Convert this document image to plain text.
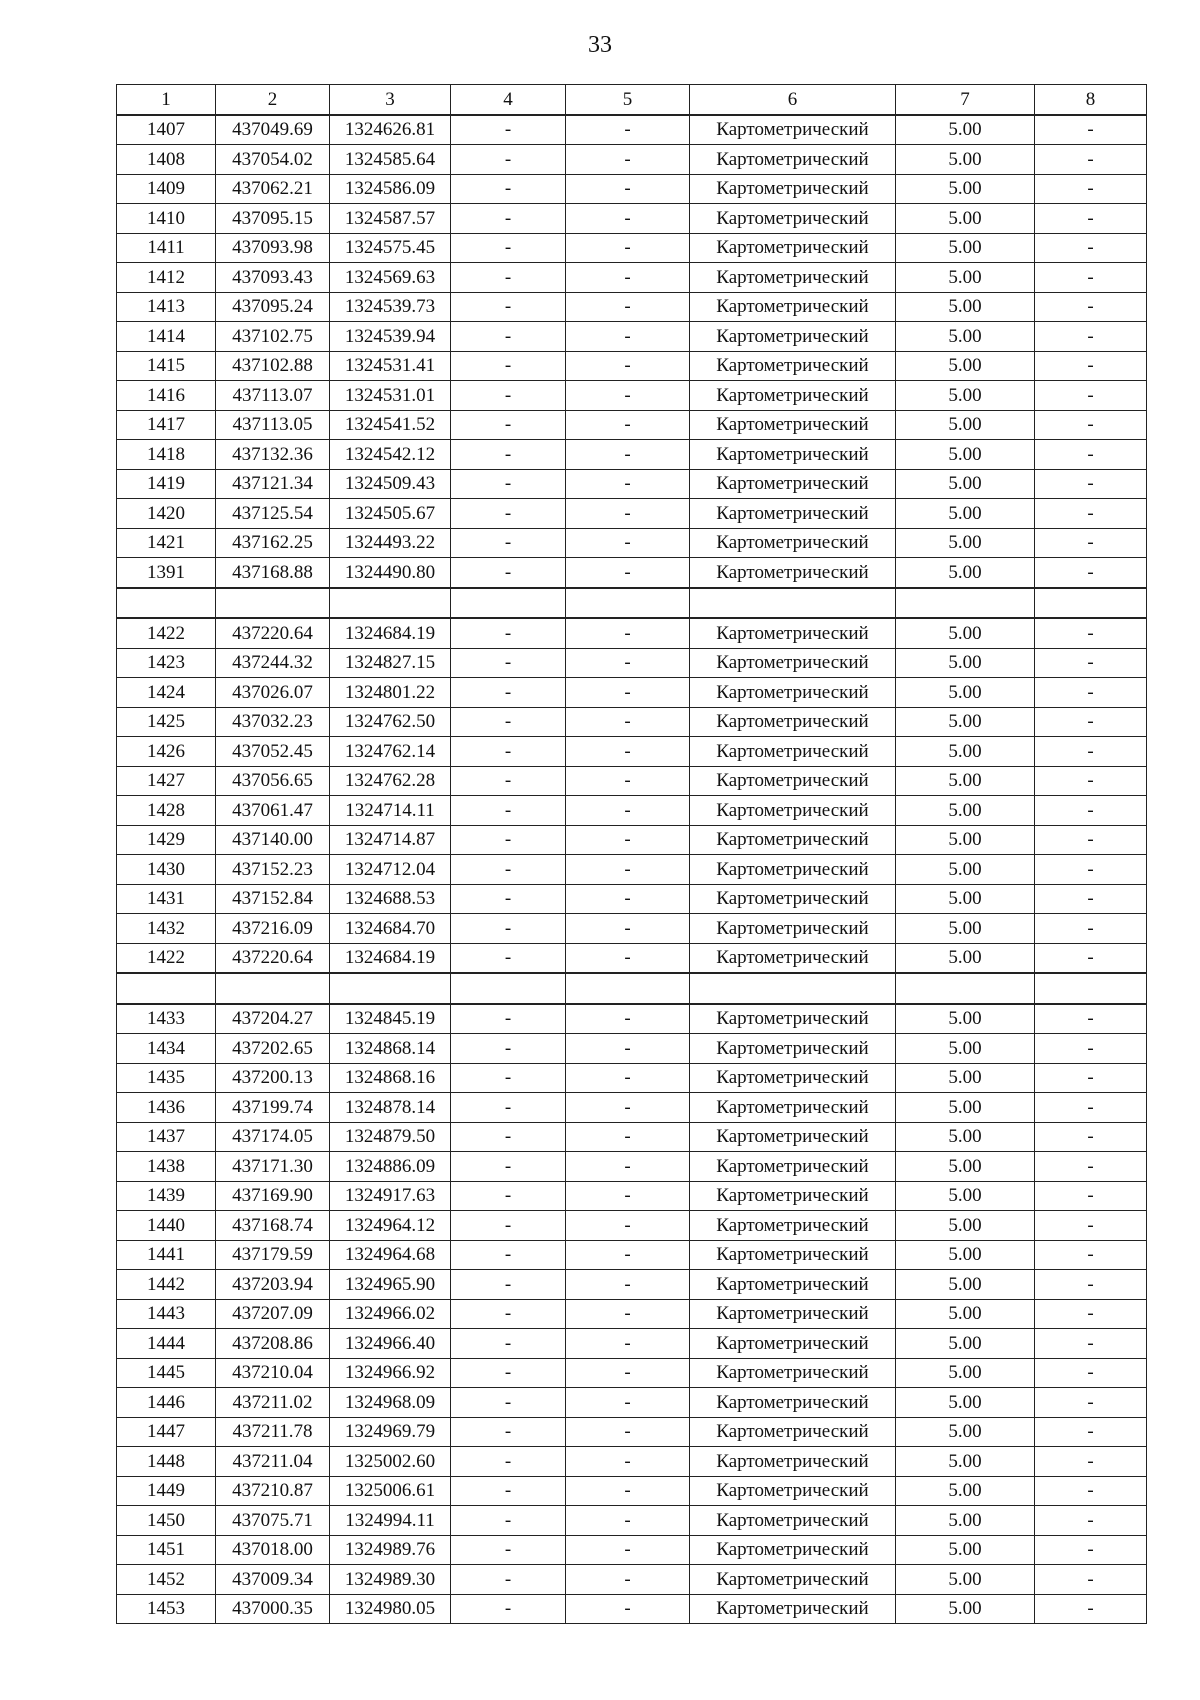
33
1	2	3	4	5	6	7	8
1407	437049.69	1324626.81	-	-	Картометрический	5.00	-
1408	437054.02	1324585.64	-	-	Картометрический	5.00	-
1409	437062.21	1324586.09	-	-	Картометрический	5.00	-
1410	437095.15	1324587.57	-	-	Картометрический	5.00	-
1411	437093.98	1324575.45	-	-	Картометрический	5.00	-
1412	437093.43	1324569.63	-	-	Картометрический	5.00	-
1413	437095.24	1324539.73	-	-	Картометрический	5.00	-
1414	437102.75	1324539.94	-	-	Картометрический	5.00	-
1415	437102.88	1324531.41	-	-	Картометрический	5.00	-
1416	437113.07	1324531.01	-	-	Картометрический	5.00	-
1417	437113.05	1324541.52	-	-	Картометрический	5.00	-
1418	437132.36	1324542.12	-	-	Картометрический	5.00	-
1419	437121.34	1324509.43	-	-	Картометрический	5.00	-
1420	437125.54	1324505.67	-	-	Картометрический	5.00	-
1421	437162.25	1324493.22	-	-	Картометрический	5.00	-
1391	437168.88	1324490.80	-	-	Картометрический	5.00	-

1422	437220.64	1324684.19	-	-	Картометрический	5.00	-
1423	437244.32	1324827.15	-	-	Картометрический	5.00	-
1424	437026.07	1324801.22	-	-	Картометрический	5.00	-
1425	437032.23	1324762.50	-	-	Картометрический	5.00	-
1426	437052.45	1324762.14	-	-	Картометрический	5.00	-
1427	437056.65	1324762.28	-	-	Картометрический	5.00	-
1428	437061.47	1324714.11	-	-	Картометрический	5.00	-
1429	437140.00	1324714.87	-	-	Картометрический	5.00	-
1430	437152.23	1324712.04	-	-	Картометрический	5.00	-
1431	437152.84	1324688.53	-	-	Картометрический	5.00	-
1432	437216.09	1324684.70	-	-	Картометрический	5.00	-
1422	437220.64	1324684.19	-	-	Картометрический	5.00	-

1433	437204.27	1324845.19	-	-	Картометрический	5.00	-
1434	437202.65	1324868.14	-	-	Картометрический	5.00	-
1435	437200.13	1324868.16	-	-	Картометрический	5.00	-
1436	437199.74	1324878.14	-	-	Картометрический	5.00	-
1437	437174.05	1324879.50	-	-	Картометрический	5.00	-
1438	437171.30	1324886.09	-	-	Картометрический	5.00	-
1439	437169.90	1324917.63	-	-	Картометрический	5.00	-
1440	437168.74	1324964.12	-	-	Картометрический	5.00	-
1441	437179.59	1324964.68	-	-	Картометрический	5.00	-
1442	437203.94	1324965.90	-	-	Картометрический	5.00	-
1443	437207.09	1324966.02	-	-	Картометрический	5.00	-
1444	437208.86	1324966.40	-	-	Картометрический	5.00	-
1445	437210.04	1324966.92	-	-	Картометрический	5.00	-
1446	437211.02	1324968.09	-	-	Картометрический	5.00	-
1447	437211.78	1324969.79	-	-	Картометрический	5.00	-
1448	437211.04	1325002.60	-	-	Картометрический	5.00	-
1449	437210.87	1325006.61	-	-	Картометрический	5.00	-
1450	437075.71	1324994.11	-	-	Картометрический	5.00	-
1451	437018.00	1324989.76	-	-	Картометрический	5.00	-
1452	437009.34	1324989.30	-	-	Картометрический	5.00	-
1453	437000.35	1324980.05	-	-	Картометрический	5.00	-
